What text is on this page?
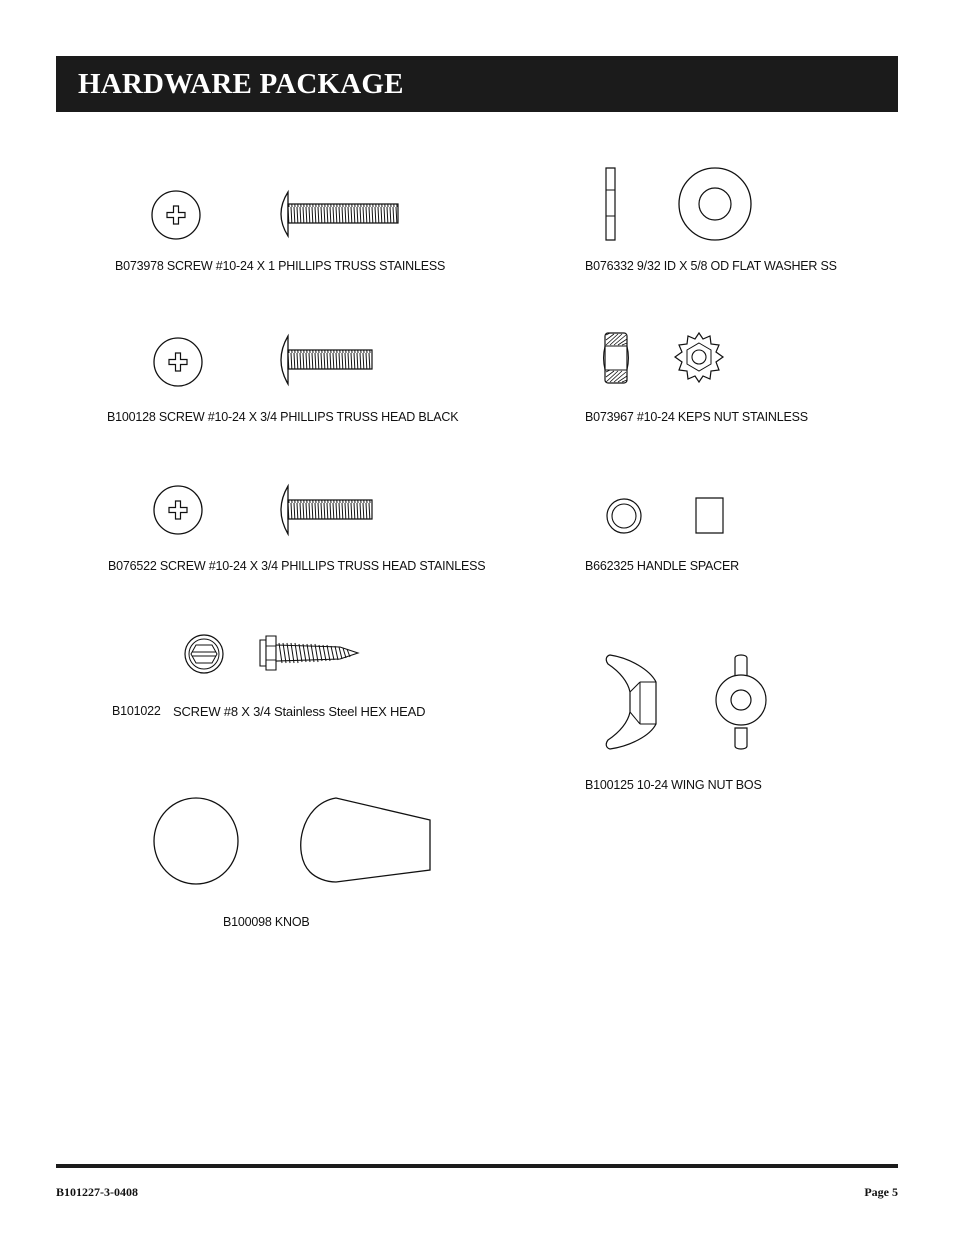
HARDWARE PACKAGE
B073978 SCREW #10-24 X 1 PHILLIPS TRUSS STAINLESS
B100128 SCREW #10-24 X 3/4 PHILLIPS TRUSS HEAD BLACK
B076522 SCREW #10-24 X 3/4 PHILLIPS TRUSS HEAD STAINLESS
B101022 SCREW #8 X 3/4 Stainless Steel HEX HEAD
B100098 KNOB
B076332 9/32 ID X 5/8 OD FLAT WASHER SS
B073967 #10-24 KEPS NUT STAINLESS
B662325 HANDLE SPACER
B100125 10-24 WING NUT BOS
B101227-3-0408	Page 5
